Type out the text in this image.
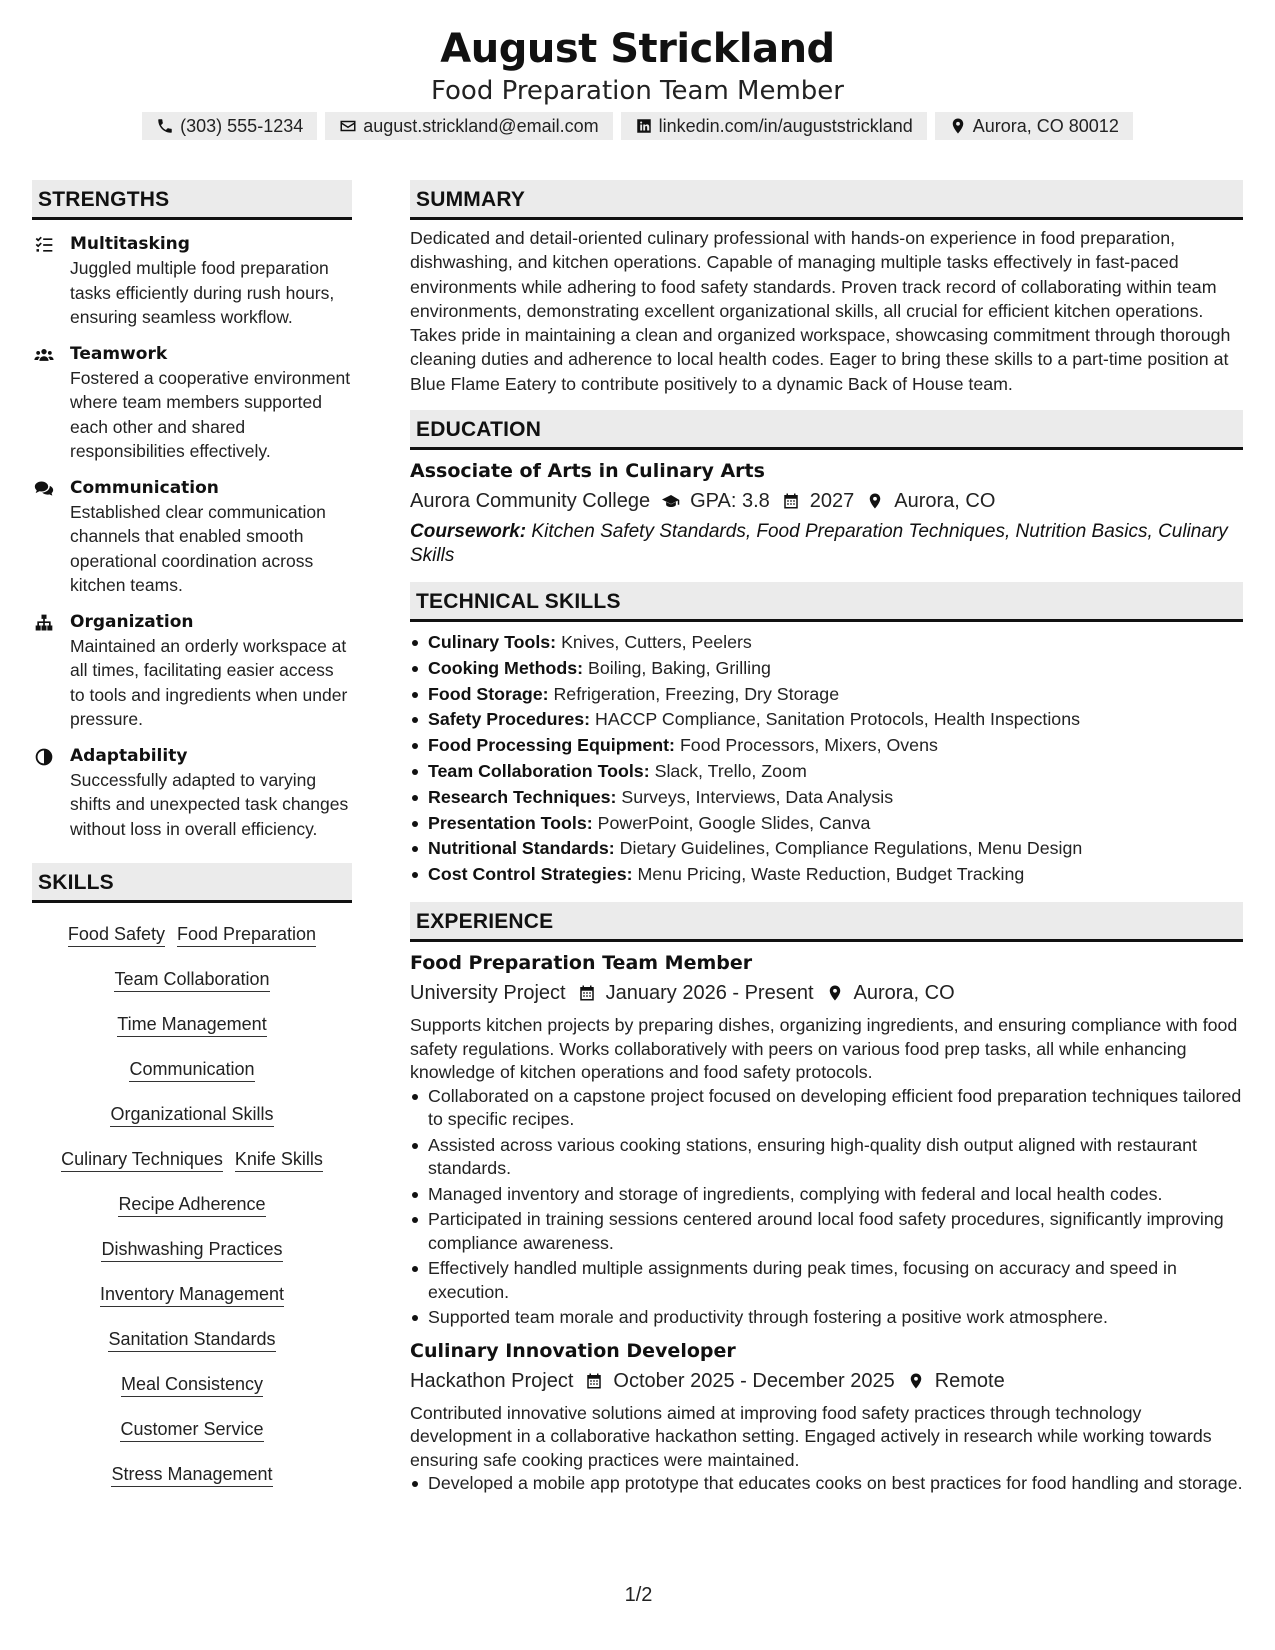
August Strickland
Food Preparation Team Member
(303) 555-1234	august.strickland@email.com	linkedin.com/in/auguststrickland	Aurora, CO 80012
STRENGTHS
Multitasking
Juggled multiple food preparation tasks efficiently during rush hours, ensuring seamless workflow.
Teamwork
Fostered a cooperative environment where team members supported each other and shared responsibilities effectively.
Communication
Established clear communication channels that enabled smooth operational coordination across kitchen teams.
Organization
Maintained an orderly workspace at all times, facilitating easier access to tools and ingredients when under pressure.
Adaptability
Successfully adapted to varying shifts and unexpected task changes without loss in overall efficiency.
SKILLS
Food Safety Food Preparation
Team Collaboration
Time Management
Communication
Organizational Skills
Culinary Techniques Knife Skills
Recipe Adherence
Dishwashing Practices
Inventory Management
Sanitation Standards
Meal Consistency
Customer Service
Stress Management
SUMMARY
Dedicated and detail-oriented culinary professional with hands-on experience in food preparation, dishwashing, and kitchen operations. Capable of managing multiple tasks effectively in fast-paced environments while adhering to food safety standards. Proven track record of collaborating within team environments, demonstrating excellent organizational skills, all crucial for efficient kitchen operations. Takes pride in maintaining a clean and organized workspace, showcasing commitment through thorough cleaning duties and adherence to local health codes. Eager to bring these skills to a part-time position at Blue Flame Eatery to contribute positively to a dynamic Back of House team.
EDUCATION
Associate of Arts in Culinary Arts
Aurora Community College GPA: 3.8 2027 Aurora, CO
Coursework: Kitchen Safety Standards, Food Preparation Techniques, Nutrition Basics, Culinary Skills
TECHNICAL SKILLS
Culinary Tools: Knives, Cutters, Peelers
Cooking Methods: Boiling, Baking, Grilling
Food Storage: Refrigeration, Freezing, Dry Storage
Safety Procedures: HACCP Compliance, Sanitation Protocols, Health Inspections
Food Processing Equipment: Food Processors, Mixers, Ovens
Team Collaboration Tools: Slack, Trello, Zoom
Research Techniques: Surveys, Interviews, Data Analysis
Presentation Tools: PowerPoint, Google Slides, Canva
Nutritional Standards: Dietary Guidelines, Compliance Regulations, Menu Design
Cost Control Strategies: Menu Pricing, Waste Reduction, Budget Tracking
EXPERIENCE
Food Preparation Team Member
University Project January 2026 - Present Aurora, CO
Supports kitchen projects by preparing dishes, organizing ingredients, and ensuring compliance with food safety regulations. Works collaboratively with peers on various food prep tasks, all while enhancing knowledge of kitchen operations and food safety protocols.
Collaborated on a capstone project focused on developing efficient food preparation techniques tailored to specific recipes.
Assisted across various cooking stations, ensuring high-quality dish output aligned with restaurant standards.
Managed inventory and storage of ingredients, complying with federal and local health codes.
Participated in training sessions centered around local food safety procedures, significantly improving compliance awareness.
Effectively handled multiple assignments during peak times, focusing on accuracy and speed in execution.
Supported team morale and productivity through fostering a positive work atmosphere.
Culinary Innovation Developer
Hackathon Project October 2025 - December 2025 Remote
Contributed innovative solutions aimed at improving food safety practices through technology development in a collaborative hackathon setting. Engaged actively in research while working towards ensuring safe cooking practices were maintained.
Developed a mobile app prototype that educates cooks on best practices for food handling and storage.
1/2
